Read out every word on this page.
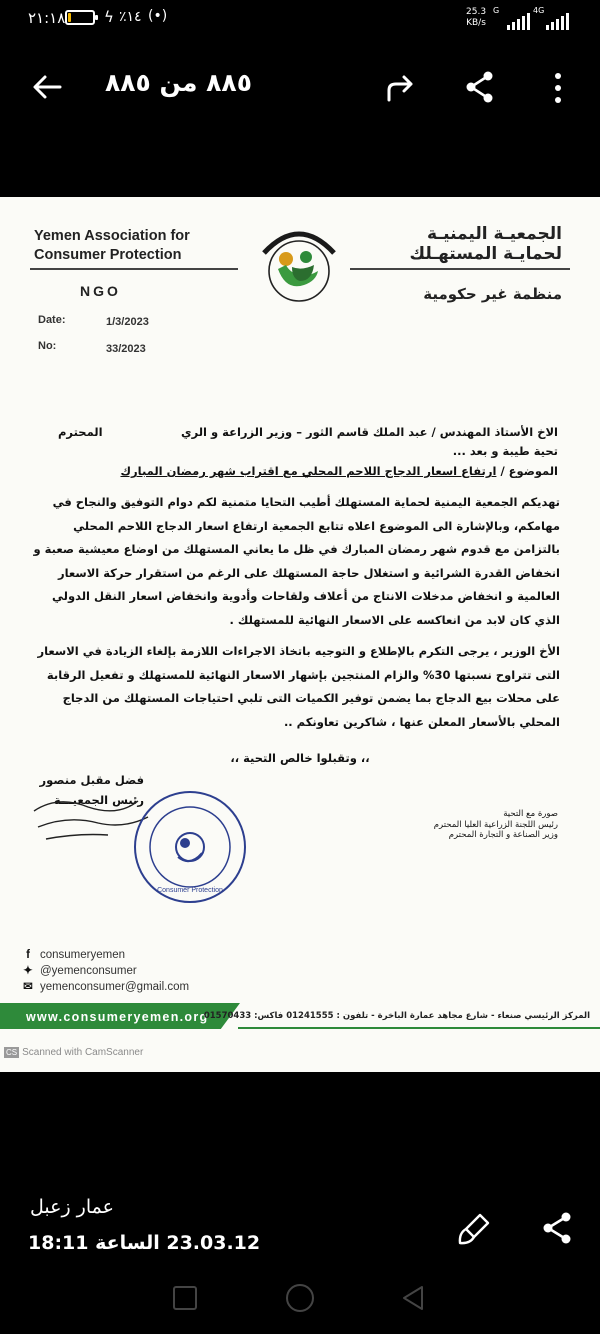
٢١:١٨	ϟ ٪١٤ (•)	25.3
KB/s
G	4G
٨٨٥ من ٨٨٥
Yemen Association for
Consumer Protection
NGO
الجمعيـة اليمنيـة
لحمايـة المستهـلك
منظمة غير حكومية
Date:	1/3/2023
No:	33/2023
الاخ الأستاذ المهندس / عبد الملك قاسم الثور – وزير الزراعة و الري
المحترم
تحية طيبة و بعد ...
الموضوع / ارتفاع اسعار الدجاج اللاحم المحلي مع اقتراب شهر رمضان المبارك
تهديكم الجمعية اليمنية لحماية المستهلك أطيب التحايا متمنية لكم دوام التوفيق والنجاح في مهامكم، وبالإشارة الى الموضوع اعلاه تتابع الجمعية ارتفاع اسعار الدجاج اللاحم المحلي بالتزامن مع قدوم شهر رمضان المبارك في ظل ما يعاني المستهلك من اوضاع معيشية صعبة و انخفاض القدرة الشرائية و استغلال حاجة المستهلك على الرغم من استقرار حركة الاسعار العالمية و انخفاض مدخلات الانتاج من أعلاف ولقاحات وأدوية وانخفاض اسعار النقل الدولي الذي كان لابد من انعاكسه على الاسعار النهائية للمستهلك .
الأخ الوزير ، يرجى التكرم بالإطلاع و التوجيه باتخاذ الاجراءات اللازمة بإلغاء الزيادة في الاسعار التى تتراوح نسبتها 30% والزام المنتجين بإشهار الاسعار النهائية للمستهلك و تفعيل الرقابة على محلات بيع الدجاج بما يضمن توفير الكميات التى تلبي احتياجات المستهلك من الدجاج المحلي بالأسعار المعلن عنها ، شاكرين تعاونكم ..
،، وتقبلوا خالص التحية ،،
فضل مقبل منصور
رئيس الجمعيـــة
Consumer Protection
صورة مع التحية
رئيس اللجنة الزراعية العليا المحترم
وزير الصناعة و التجارة المحترم
f consumeryemen
✦ @yemenconsumer
✉ yemenconsumer@gmail.com
www.consumeryemen.org
المركز الرئيسي صنعاء - شارع مجاهد عمارة الباخرة - تلفون : 01241555 فاكس: 01570433
CS Scanned with CamScanner
عمار زعبل
18:11 الساعة 23.03.12
